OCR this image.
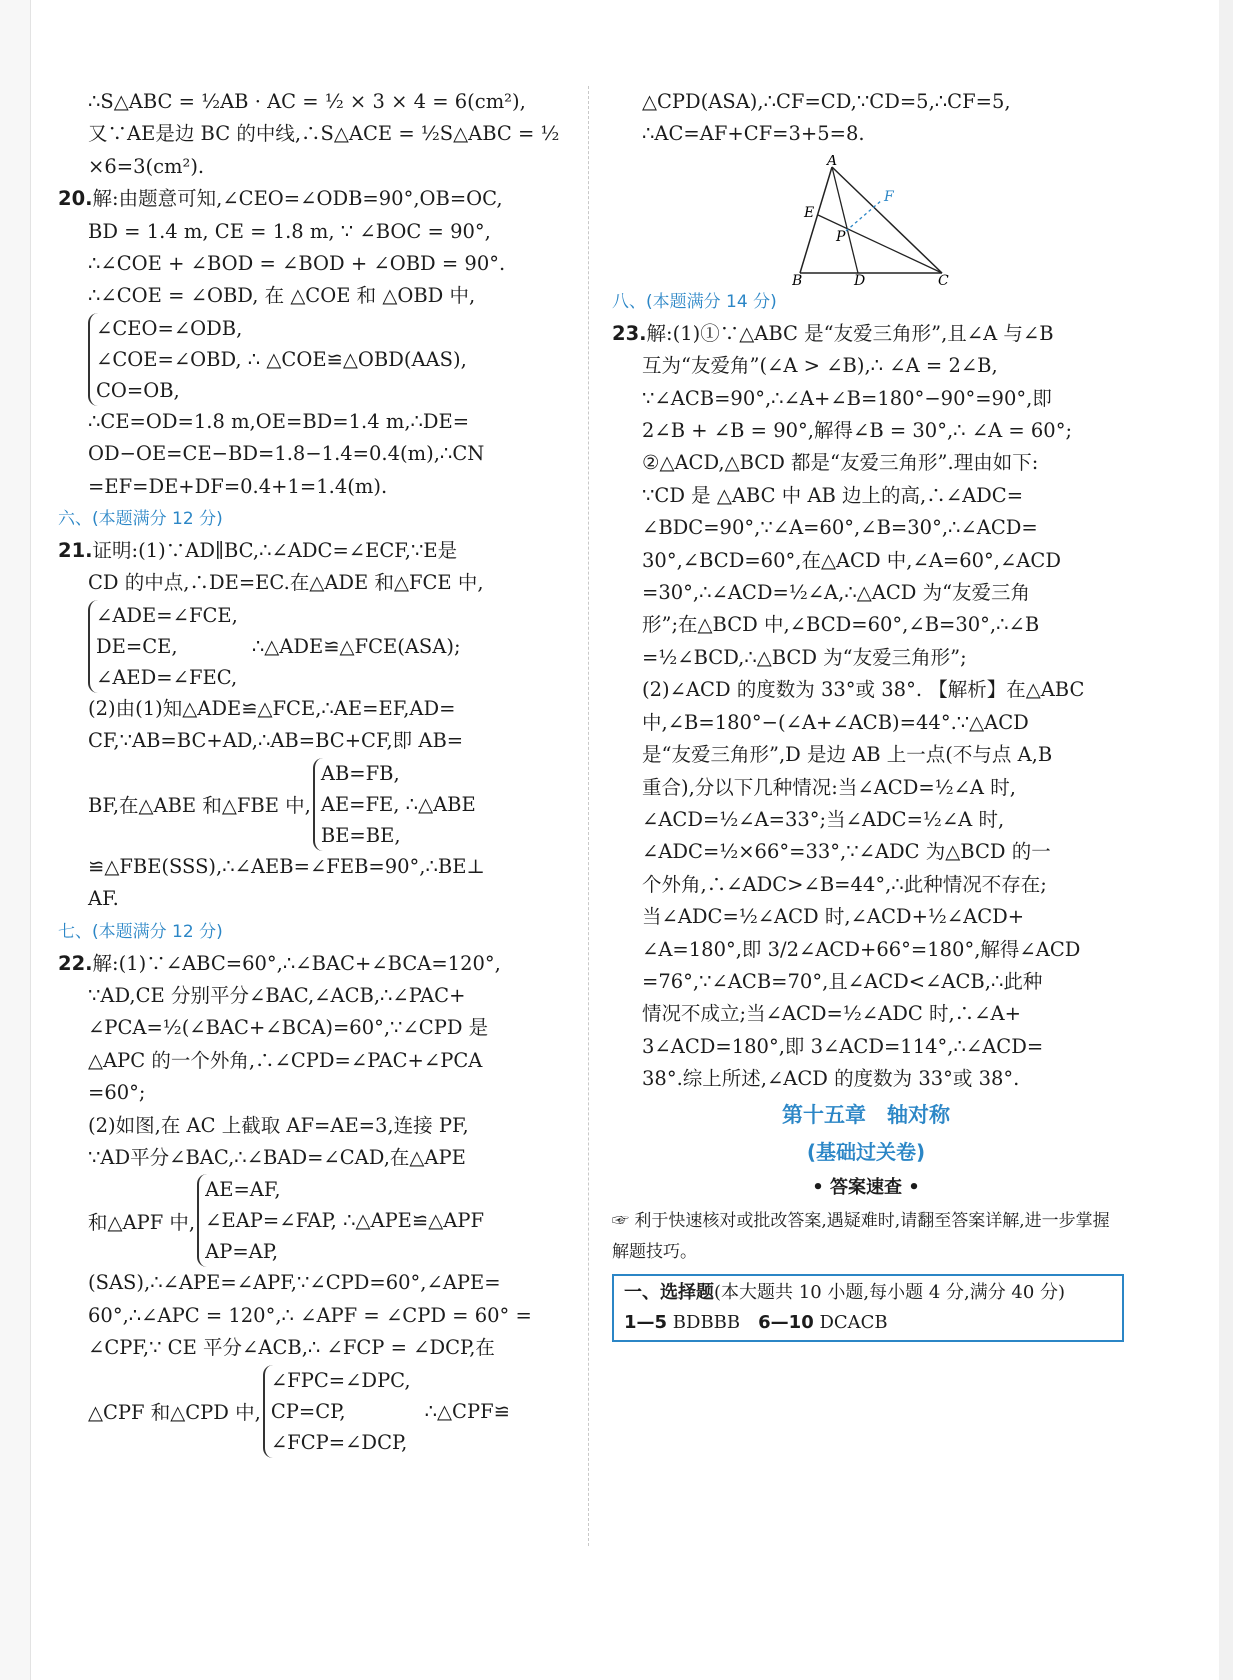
∴S△ABC = ½AB · AC = ½ × 3 × 4 = 6(cm²),
又∵AE是边 BC 的中线,∴S△ACE = ½S△ABC = ½
×6=3(cm²).
20.解:由题意可知,∠CEO=∠ODB=90°,OB=OC,
BD = 1.4 m, CE = 1.8 m, ∵ ∠BOC = 90°,
∴∠COE + ∠BOD = ∠BOD + ∠OBD = 90°.
∴∠COE = ∠OBD, 在 △COE 和 △OBD 中,
∠CEO=∠ODB,
∠COE=∠OBD, ∴ △COE≌△OBD(AAS),
CO=OB,
∴CE=OD=1.8 m,OE=BD=1.4 m,∴DE=
OD−OE=CE−BD=1.8−1.4=0.4(m),∴CN
=EF=DE+DF=0.4+1=1.4(m).
六、(本题满分 12 分)
21.证明:(1)∵AD∥BC,∴∠ADC=∠ECF,∵E是
CD 的中点,∴DE=EC.在△ADE 和△FCE 中,
∠ADE=∠FCE,
DE=CE,
∠AED=∠FEC,
∴△ADE≌△FCE(ASA);
(2)由(1)知△ADE≌△FCE,∴AE=EF,AD=
CF,∵AB=BC+AD,∴AB=BC+CF,即 AB=
BF,在△ABE 和△FBE 中,
AB=FB,
AE=FE, ∴△ABE
BE=BE,
≌△FBE(SSS),∴∠AEB=∠FEB=90°,∴BE⊥
AF.
七、(本题满分 12 分)
22.解:(1)∵∠ABC=60°,∴∠BAC+∠BCA=120°,
∵AD,CE 分别平分∠BAC,∠ACB,∴∠PAC+
∠PCA=½(∠BAC+∠BCA)=60°,∵∠CPD 是
△APC 的一个外角,∴∠CPD=∠PAC+∠PCA
=60°;
(2)如图,在 AC 上截取 AF=AE=3,连接 PF,
∵AD平分∠BAC,∴∠BAD=∠CAD,在△APE
和△APF 中,
AE=AF,
∠EAP=∠FAP, ∴△APE≌△APF
AP=AP,
(SAS),∴∠APE=∠APF,∵∠CPD=60°,∠APE=
60°,∴∠APC = 120°,∴ ∠APF = ∠CPD = 60° =
∠CPF,∵ CE 平分∠ACB,∴ ∠FCP = ∠DCP,在
△CPF 和△CPD 中,
∠FPC=∠DPC,
CP=CP,
∠FCP=∠DCP,
∴△CPF≌
△CPD(ASA),∴CF=CD,∵CD=5,∴CF=5,
∴AC=AF+CF=3+5=8.
A
B	C
D
E
F
P
八、(本题满分 14 分)
23.解:(1)①∵△ABC 是“友爱三角形”,且∠A 与∠B
互为“友爱角”(∠A > ∠B),∴ ∠A = 2∠B,
∵∠ACB=90°,∴∠A+∠B=180°−90°=90°,即
2∠B + ∠B = 90°,解得∠B = 30°,∴ ∠A = 60°;
②△ACD,△BCD 都是“友爱三角形”.理由如下:
∵CD 是 △ABC 中 AB 边上的高,∴∠ADC=
∠BDC=90°,∵∠A=60°,∠B=30°,∴∠ACD=
30°,∠BCD=60°,在△ACD 中,∠A=60°,∠ACD
=30°,∴∠ACD=½∠A,∴△ACD 为“友爱三角
形”;在△BCD 中,∠BCD=60°,∠B=30°,∴∠B
=½∠BCD,∴△BCD 为“友爱三角形”;
(2)∠ACD 的度数为 33°或 38°. 【解析】在△ABC
中,∠B=180°−(∠A+∠ACB)=44°.∵△ACD
是“友爱三角形”,D 是边 AB 上一点(不与点 A,B
重合),分以下几种情况:当∠ACD=½∠A 时,
∠ACD=½∠A=33°;当∠ADC=½∠A 时,
∠ADC=½×66°=33°,∵∠ADC 为△BCD 的一
个外角,∴∠ADC>∠B=44°,∴此种情况不存在;
当∠ADC=½∠ACD 时,∠ACD+½∠ACD+
∠A=180°,即 3/2∠ACD+66°=180°,解得∠ACD
=76°,∵∠ACB=70°,且∠ACD<∠ACB,∴此种
情况不成立;当∠ACD=½∠ADC 时,∴∠A+
3∠ACD=180°,即 3∠ACD=114°,∴∠ACD=
38°.综上所述,∠ACD 的度数为 33°或 38°.
第十五章　轴对称
(基础过关卷)
• 答案速查 •
☞ 利于快速核对或批改答案,遇疑难时,请翻至答案详解,进一步掌握解题技巧。
一、选择题(本大题共 10 小题,每小题 4 分,满分 40 分)
1—5 BDBBB　 6—10 DCACB
